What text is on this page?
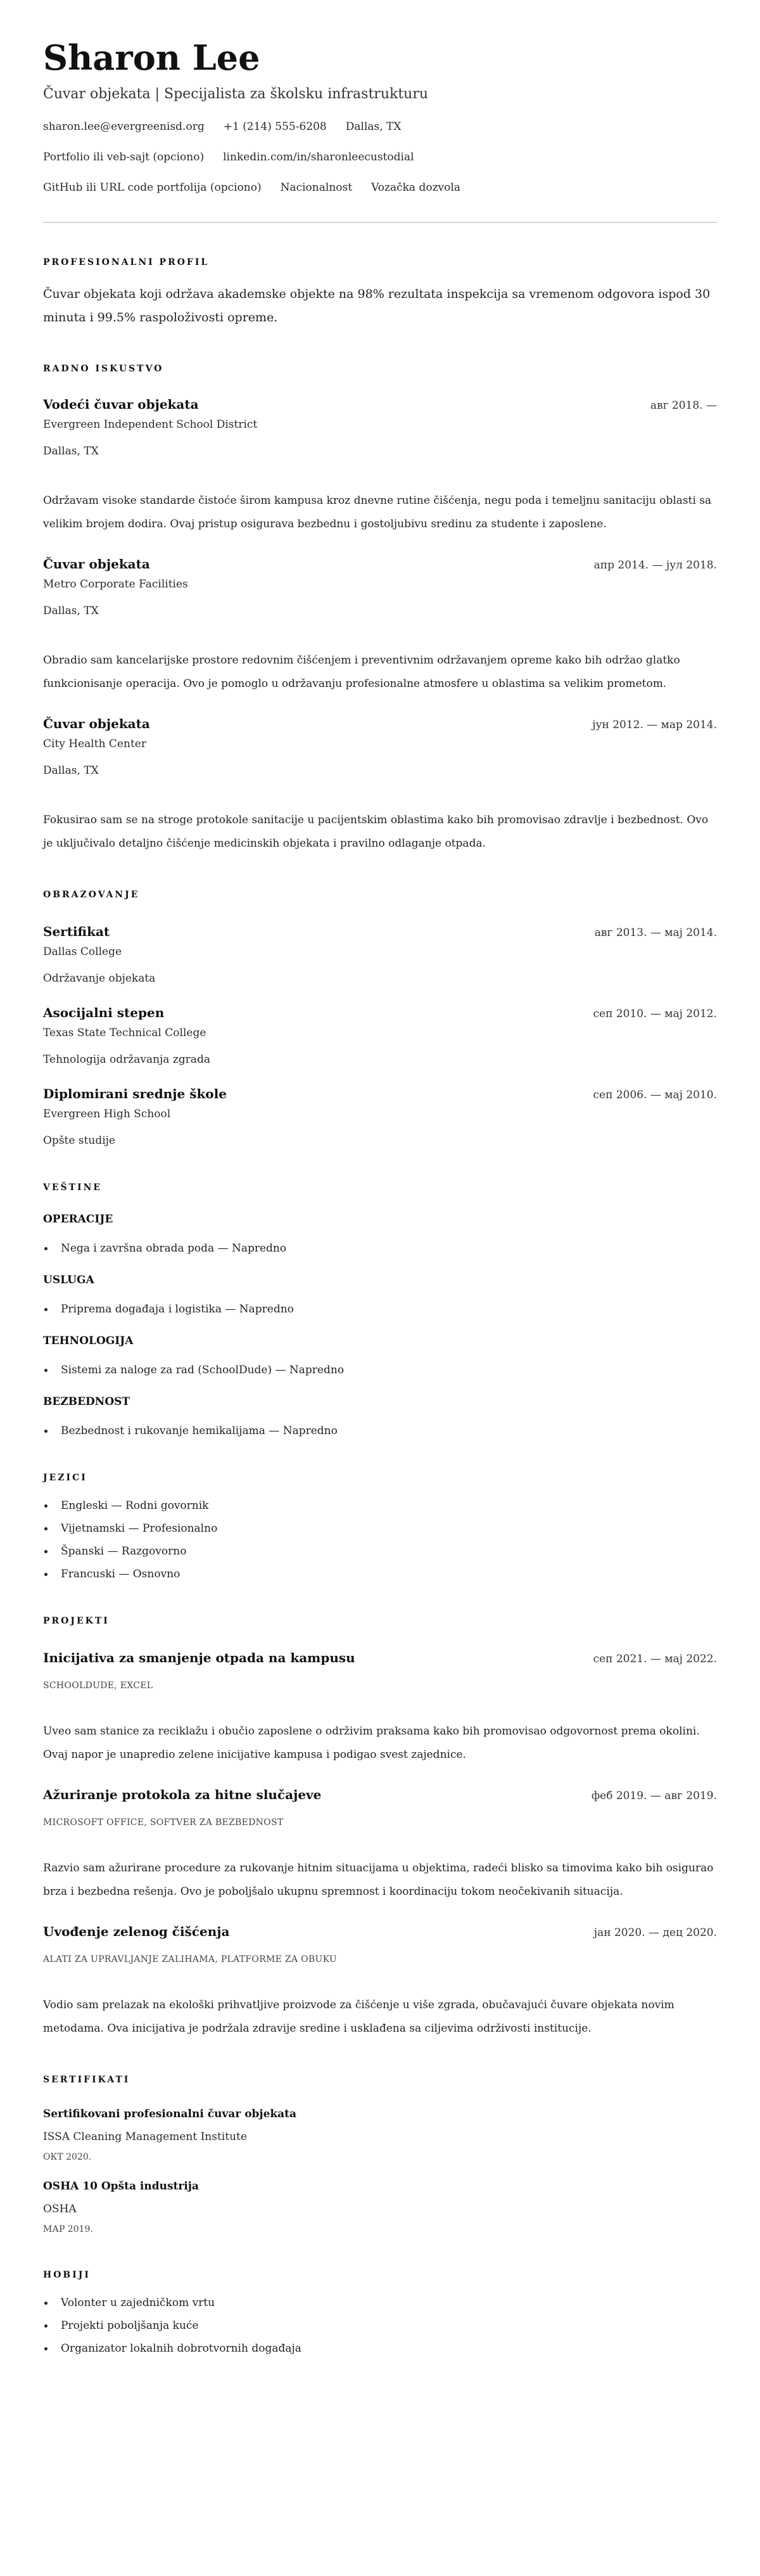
Sharon Lee
Čuvar objekata | Specijalista za školsku infrastrukturu
sharon.lee@evergreenisd.org +1 (214) 555-6208 Dallas, TX
Portfolio ili veb-sajt (opciono) linkedin.com/in/sharonleecustodial
GitHub ili URL code portfolija (opciono) Nacionalnost Vozačka dozvola
PROFESIONALNI PROFIL

Čuvar objekata koji održava akademske objekte na 98% rezultata inspekcija sa vremenom odgovora ispod 30 minuta i 99.5% raspoloživosti opreme.

RADNO ISKUSTVO
Vodeći čuvar objekata	авг 2018. —
Evergreen Independent School District
Dallas, TX

Održavam visoke standarde čistoće širom kampusa kroz dnevne rutine čišćenja, negu poda i temeljnu sanitaciju oblasti sa velikim brojem dodira. Ovaj pristup osigurava bezbednu i gostoljubivu sredinu za studente i zaposlene.

Čuvar objekata	апр 2014. — јул 2018.
Metro Corporate Facilities
Dallas, TX

Obradio sam kancelarijske prostore redovnim čišćenjem i preventivnim održavanjem opreme kako bih održao glatko funkcionisanje operacija. Ovo je pomoglo u održavanju profesionalne atmosfere u oblastima sa velikim prometom.

Čuvar objekata	јун 2012. — мар 2014.
City Health Center
Dallas, TX

Fokusirao sam se na stroge protokole sanitacije u pacijentskim oblastima kako bih promovisao zdravlje i bezbednost. Ovo je uključivalo detaljno čišćenje medicinskih objekata i pravilno odlaganje otpada.

OBRAZOVANJE
Sertifikat	авг 2013. — мај 2014.
Dallas College
Održavanje objekata
Asocijalni stepen	сеп 2010. — мај 2012.
Texas State Technical College
Tehnologija održavanja zgrada
Diplomirani srednje škole	сеп 2006. — мај 2010.
Evergreen High School
Opšte studije
VEŠTINE
OPERACIJE
Nega i završna obrada poda — Napredno
USLUGA
Priprema događaja i logistika — Napredno
TEHNOLOGIJA
Sistemi za naloge za rad (SchoolDude) — Napredno
BEZBEDNOST
Bezbednost i rukovanje hemikalijama — Napredno
JEZICI
Engleski — Rodni govornik
Vijetnamski — Profesionalno
Španski — Razgovorno
Francuski — Osnovno
PROJEKTI
Inicijativa za smanjenje otpada na kampusu	сеп 2021. — мај 2022.
SCHOOLDUDE, EXCEL

Uveo sam stanice za reciklažu i obučio zaposlene o održivim praksama kako bih promovisao odgovornost prema okolini. Ovaj napor je unapredio zelene inicijative kampusa i podigao svest zajednice.

Ažuriranje protokola za hitne slučajeve	феб 2019. — авг 2019.
MICROSOFT OFFICE, SOFTVER ZA BEZBEDNOST

Razvio sam ažurirane procedure za rukovanje hitnim situacijama u objektima, radeći blisko sa timovima kako bih osigurao brza i bezbedna rešenja. Ovo je poboljšalo ukupnu spremnost i koordinaciju tokom neočekivanih situacija.

Uvođenje zelenog čišćenja	јан 2020. — дец 2020.
ALATI ZA UPRAVLJANJE ZALIHAMA, PLATFORME ZA OBUKU

Vodio sam prelazak na ekološki prihvatljive proizvode za čišćenje u više zgrada, obučavajući čuvare objekata novim metodama. Ova inicijativa je podržala zdravije sredine i usklađena sa ciljevima održivosti institucije.

SERTIFIKATI
Sertifikovani profesionalni čuvar objekata
ISSA Cleaning Management Institute
ОКТ 2020.
OSHA 10 Opšta industrija
OSHA
МАР 2019.
HOBIJI
Volonter u zajedničkom vrtu
Projekti poboljšanja kuće
Organizator lokalnih dobrotvornih događaja
